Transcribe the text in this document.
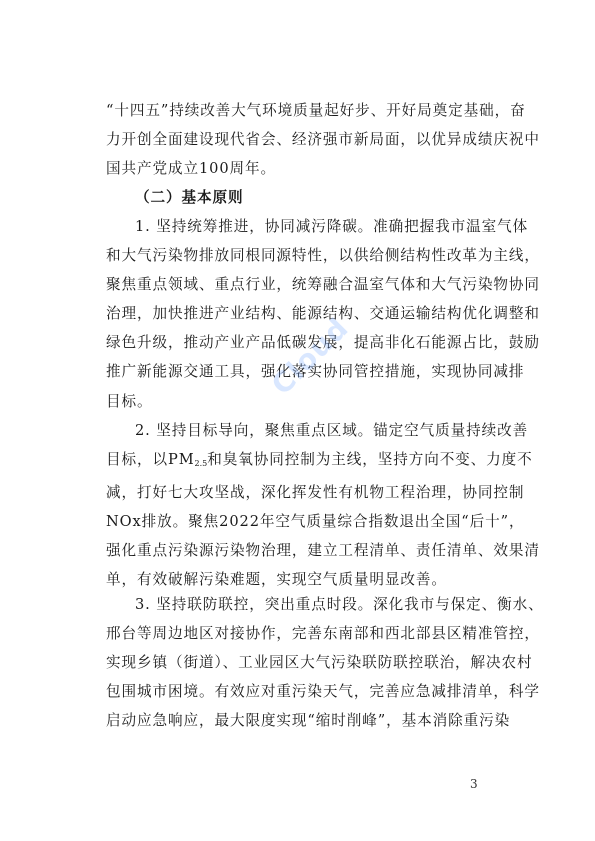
“十四五”持续改善大气环境质量起好步、开好局奠定基础，奋
力开创全面建设现代省会、经济强市新局面，以优异成绩庆祝中
国共产党成立100周年。
（二）基本原则
1. 坚持统筹推进，协同减污降碳。准确把握我市温室气体
和大气污染物排放同根同源特性，以供给侧结构性改革为主线，
聚焦重点领域、重点行业，统筹融合温室气体和大气污染物协同
治理，加快推进产业结构、能源结构、交通运输结构优化调整和
绿色升级，推动产业产品低碳发展，提高非化石能源占比，鼓励
推广新能源交通工具，强化落实协同管控措施，实现协同减排
目标。
2. 坚持目标导向，聚焦重点区域。锚定空气质量持续改善
目标，以$PM_{2.5}$和臭氧协同控制为主线，坚持方向不变、力度不
减，打好七大攻坚战，深化挥发性有机物工程治理，协同控制
NOx排放。聚焦2022年空气质量综合指数退出全国“后十”，
强化重点污染源污染物治理，建立工程清单、责任清单、效果清
单，有效破解污染难题，实现空气质量明显改善。
3. 坚持联防联控，突出重点时段。深化我市与保定、衡水、
邢台等周边地区对接协作，完善东南部和西北部县区精准管控，
实现乡镇（街道）、工业园区大气污染联防联控联治，解决农村
包围城市困境。有效应对重污染天气，完善应急减排清单，科学
启动应急响应，最大限度实现“缩时削峰”，基本消除重污染
Cloud
3
